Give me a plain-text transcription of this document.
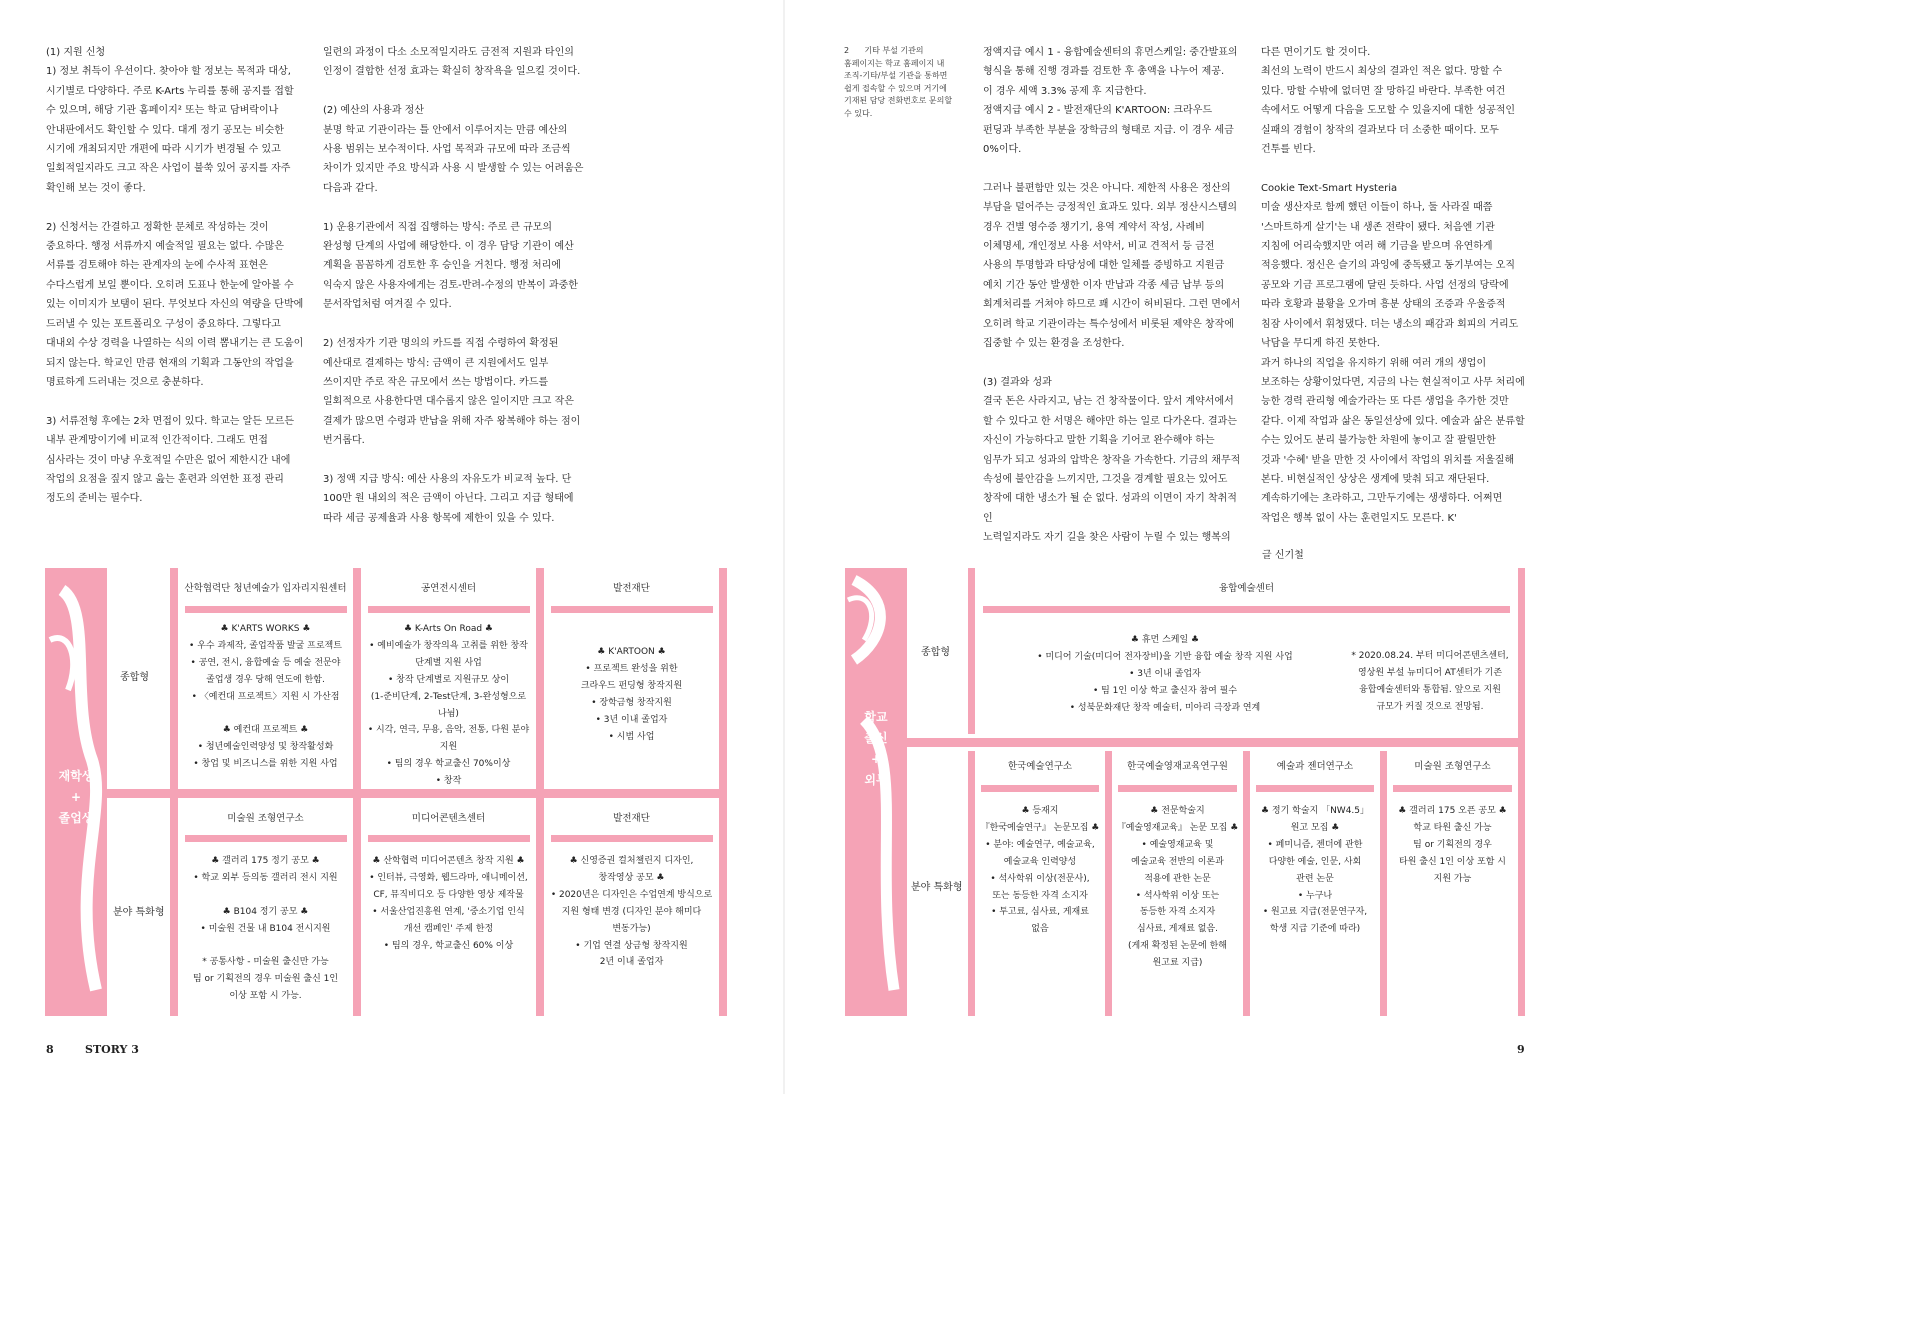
(1) 지원 신청
1) 정보 취득이 우선이다. 찾아야 할 정보는 목적과 대상,
시기별로 다양하다. 주로 K-Arts 누리를 통해 공지를 접할
수 있으며, 해당 기관 홈페이지² 또는 학교 담벼락이나
안내판에서도 확인할 수 있다. 대게 정기 공모는 비슷한
시기에 개최되지만 개편에 따라 시기가 변경될 수 있고
일회적일지라도 크고 작은 사업이 불쑥 있어 공지를 자주
확인해 보는 것이 좋다.

2) 신청서는 간결하고 정확한 문체로 작성하는 것이
중요하다. 행정 서류까지 예술적일 필요는 없다. 수많은
서류를 검토해야 하는 관계자의 눈에 수사적 표현은
수다스럽게 보일 뿐이다. 오히려 도표나 한눈에 알아볼 수
있는 이미지가 보탬이 된다. 무엇보다 자신의 역량을 단박에
드러낼 수 있는 포트폴리오 구성이 중요하다. 그렇다고
대내외 수상 경력을 나열하는 식의 이력 뽐내기는 큰 도움이
되지 않는다. 학교인 만큼 현재의 기획과 그동안의 작업을
명료하게 드러내는 것으로 충분하다.

3) 서류전형 후에는 2차 면접이 있다. 학교는 알든 모르든
내부 관계망이기에 비교적 인간적이다. 그래도 면접
심사라는 것이 마냥 우호적일 수만은 없어 제한시간 내에
작업의 요점을 짚지 않고 읊는 훈련과 의연한 표정 관리
정도의 준비는 필수다.
일련의 과정이 다소 소모적일지라도 금전적 지원과 타인의
인정이 결합한 선정 효과는 확실히 창작욕을 일으킬 것이다.

(2) 예산의 사용과 정산
분명 학교 기관이라는 틀 안에서 이루어지는 만큼 예산의
사용 범위는 보수적이다. 사업 목적과 규모에 따라 조금씩
차이가 있지만 주요 방식과 사용 시 발생할 수 있는 어려움은
다음과 같다.

1) 운용기관에서 직접 집행하는 방식: 주로 큰 규모의
완성형 단계의 사업에 해당한다. 이 경우 담당 기관이 예산
계획을 꼼꼼하게 검토한 후 승인을 거친다. 행정 처리에
익숙지 않은 사용자에게는 검토-반려-수정의 반복이 과중한
문서작업처럼 여겨질 수 있다.

2) 선정자가 기관 명의의 카드를 직접 수령하여 확정된
예산대로 결제하는 방식: 금액이 큰 지원에서도 일부
쓰이지만 주로 작은 규모에서 쓰는 방법이다. 카드를
일회적으로 사용한다면 대수롭지 않은 일이지만 크고 작은
결제가 많으면 수령과 반납을 위해 자주 왕복해야 하는 점이
번거롭다.

3) 정액 지급 방식: 예산 사용의 자유도가 비교적 높다. 단
100만 원 내외의 적은 금액이 아닌다. 그리고 지급 형태에
따라 세금 공제율과 사용 항목에 제한이 있을 수 있다.
2      기타 부설 기관의
홈페이지는 학교 홈페이지 내
조직-기타/부설 기관을 통하면
쉽게 접속할 수 있으며 거기에
기재된 담당 전화번호로 문의할
수 있다.
정액지급 예시 1 - 융합예술센터의 휴먼스케일: 중간발표의
형식을 통해 진행 경과를 검토한 후 총액을 나누어 제공.
이 경우 세액 3.3% 공제 후 지급한다.
정액지급 예시 2 - 발전재단의 K'ARTOON: 크라우드
펀딩과 부족한 부분을 장학금의 형태로 지급. 이 경우 세금
0%이다.

그러나 불편함만 있는 것은 아니다. 제한적 사용은 정산의
부담을 덜어주는 긍정적인 효과도 있다. 외부 정산시스템의
경우 건별 영수증 챙기기, 용역 계약서 작성, 사례비
이체명세, 개인정보 사용 서약서, 비교 견적서 등 금전
사용의 투명함과 타당성에 대한 일체를 증빙하고 지원금
예치 기간 동안 발생한 이자 반납과 각종 세금 납부 등의
회계처리를 거쳐야 하므로 꽤 시간이 허비된다. 그런 면에서
오히려 학교 기관이라는 특수성에서 비롯된 제약은 창작에
집중할 수 있는 환경을 조성한다.

(3) 결과와 성과
결국 돈은 사라지고, 남는 건 창작물이다. 앞서 계약서에서
할 수 있다고 한 서명은 해야만 하는 일로 다가온다. 결과는
자신이 가능하다고 말한 기획을 기어코 완수해야 하는
임무가 되고 성과의 압박은 창작을 가속한다. 기금의 채무적
속성에 불안감을 느끼지만, 그것을 경계할 필요는 있어도
창작에 대한 냉소가 될 순 없다. 성과의 이면이 자기 착취적인
노력일지라도 자기 길을 찾은 사람이 누릴 수 있는 행복의
다른 면이기도 할 것이다.
최선의 노력이 반드시 최상의 결과인 적은 없다. 망할 수
있다. 망할 수밖에 없더면 잘 망하길 바란다. 부족한 여건
속에서도 어떻게 다음을 도모할 수 있을지에 대한 성공적인
실패의 경험이 창작의 결과보다 더 소중한 때이다. 모두
건투를 빈다.

Cookie Text-Smart Hysteria
미술 생산자로 함께 했던 이들이 하나, 둘 사라질 때쯤
'스마트하게 살기'는 내 생존 전략이 됐다. 처음엔 기관
지침에 어리숙했지만 여러 해 기금을 받으며 유연하게
적응했다. 정신은 슬기의 과잉에 중독됐고 동기부여는 오직
공모와 기금 프로그램에 달린 듯하다. 사업 선정의 당락에
따라 호황과 불황을 오가며 흥분 상태의 조증과 우울증적
침잠 사이에서 휘청댔다. 더는 냉소의 패감과 회피의 거리도
낙담을 무디게 하진 못한다.
과거 하나의 직업을 유지하기 위해 여러 개의 생업이
보조하는 상황이었다면, 지금의 나는 현실적이고 사무 처리에
능한 경력 관리형 예술가라는 또 다른 생업을 추가한 것만
같다. 이제 작업과 삶은 동일선상에 있다. 예술과 삶은 분류할
수는 있어도 분리 불가능한 차원에 놓이고 잘 팔릴만한
것과 '수혜' 받을 만한 것 사이에서 작업의 위치를 저울질해
본다. 비현실적인 상상은 생계에 맞춰 되고 재단된다.
계속하기에는 초라하고, 그만두기에는 생생하다. 어쩌면
작업은 행복 없이 사는 훈련일지도 모른다. K'
글 신기철
재학생
+
졸업생
종합형
분야 특화형
산학협력단 청년예술가 입자리지원센터
♣ K'ARTS WORKS ♣
• 우수 과제작, 졸업작품 발굴 프로젝트
• 공연, 전시, 융합예술 등 예술 전문야
졸업생 경우 당해 연도에 한함.
• 〈예컨대 프로젝트〉지원 시 가산점

♣ 예컨대 프로젝트 ♣
• 청년예술인력양성 및 창작활성화
• 창업 및 비즈니스를 위한 지원 사업
공연전시센터
♣ K-Arts On Road ♣
• 예비예술가 창작의욕 고취를 위한 창작
단계별 지원 사업
• 창작 단계별로 지원규모 상이
(1-준비단계, 2-Test단계, 3-완성형으로
나뉨)
• 시각, 연극, 무용, 음악, 전통, 다원 분야
지원
• 팀의 경우 학교출신 70%이상
• 창작
발전재단
♣ K'ARTOON ♣
• 프로젝트 완성을 위한
크라우드 펀딩형 창작지원
• 장학금형 창작지원
• 3년 이내 졸업자
• 시범 사업
미술원 조형연구소
♣ 갤러리 175 정기 공모 ♣
• 학교 외부 등의동 갤러리 전시 지원

♣ B104 정기 공모 ♣
• 미술원 건물 내 B104 전시지원

* 공통사항 - 미술원 출신만 가능
팀 or 기획전의 경우 미술원 출신 1인
이상 포함 시 가능.
미디어콘텐츠센터
♣ 산학협력 미디어콘텐츠 창작 지원 ♣
• 인터뷰, 극영화, 웹드라마, 애니메이션,
CF, 뮤직비디오 등 다양한 영상 제작물
• 서울산업진흥원 연계, '중소기업 인식
개선 캠페인' 주제 한정
• 팀의 경우, 학교출신 60% 이상
발전재단
♣ 신영증권 컬처챌린지 디자인,
창작영상 공모 ♣
• 2020년은 디자인은 수업연계 방식으로
지원 형태 변경 (디자인 분야 해미다
변동가능)
• 기업 연결 상금형 창작지원
2년 이내 졸업자
학교
출신
+
외부
종합형
분야 특화형
융합예술센터
♣ 휴먼 스케일 ♣
• 미디어 기술(미디어 전자장비)을 기반 융합 예술 창작 지원 사업
• 3년 이내 졸업자
• 팀 1인 이상 학교 출신자 참여 필수
• 성북문화재단 창작 예술터, 미아리 극장과 연계
* 2020.08.24. 부터 미디어콘텐츠센터,
영상원 부설 뉴미디어 AT센터가 기존
융합예술센터와 통합됨. 앞으로 지원
규모가 커질 것으로 전망됨.
한국예술연구소
♣ 등재지
『한국예술연구』 논문모집 ♣
• 분야: 예술연구, 예술교육,
예술교육 인력양성
• 석사학위 이상(전문사),
또는 동등한 자격 소지자
• 투고료, 심사료, 게재료
없음
한국예술영재교육연구원
♣ 전문학술지
『예술영재교육』 논문 모집 ♣
• 예술영재교육 및
예술교육 전반의 이론과
적용에 관한 논문
• 석사학위 이상 또는
동등한 자격 소지자
심사료, 게재료 없음.
(게재 확정된 논문에 한해
원고료 지급)
예술과 젠더연구소
♣ 정기 학술지 「NW4.5」
원고 모집 ♣
• 페미니즘, 젠더에 관한
다양한 예술, 인문, 사회
관련 논문
• 누구나
• 원고료 지급(전문연구자,
학생 지급 기준에 따라)
미술원 조형연구소
♣ 갤러리 175 오픈 공모 ♣
학교 타원 출신 가능
팀 or 기획전의 경우
타원 출신 1인 이상 포함 시
지원 가능
8	STORY 3	9
